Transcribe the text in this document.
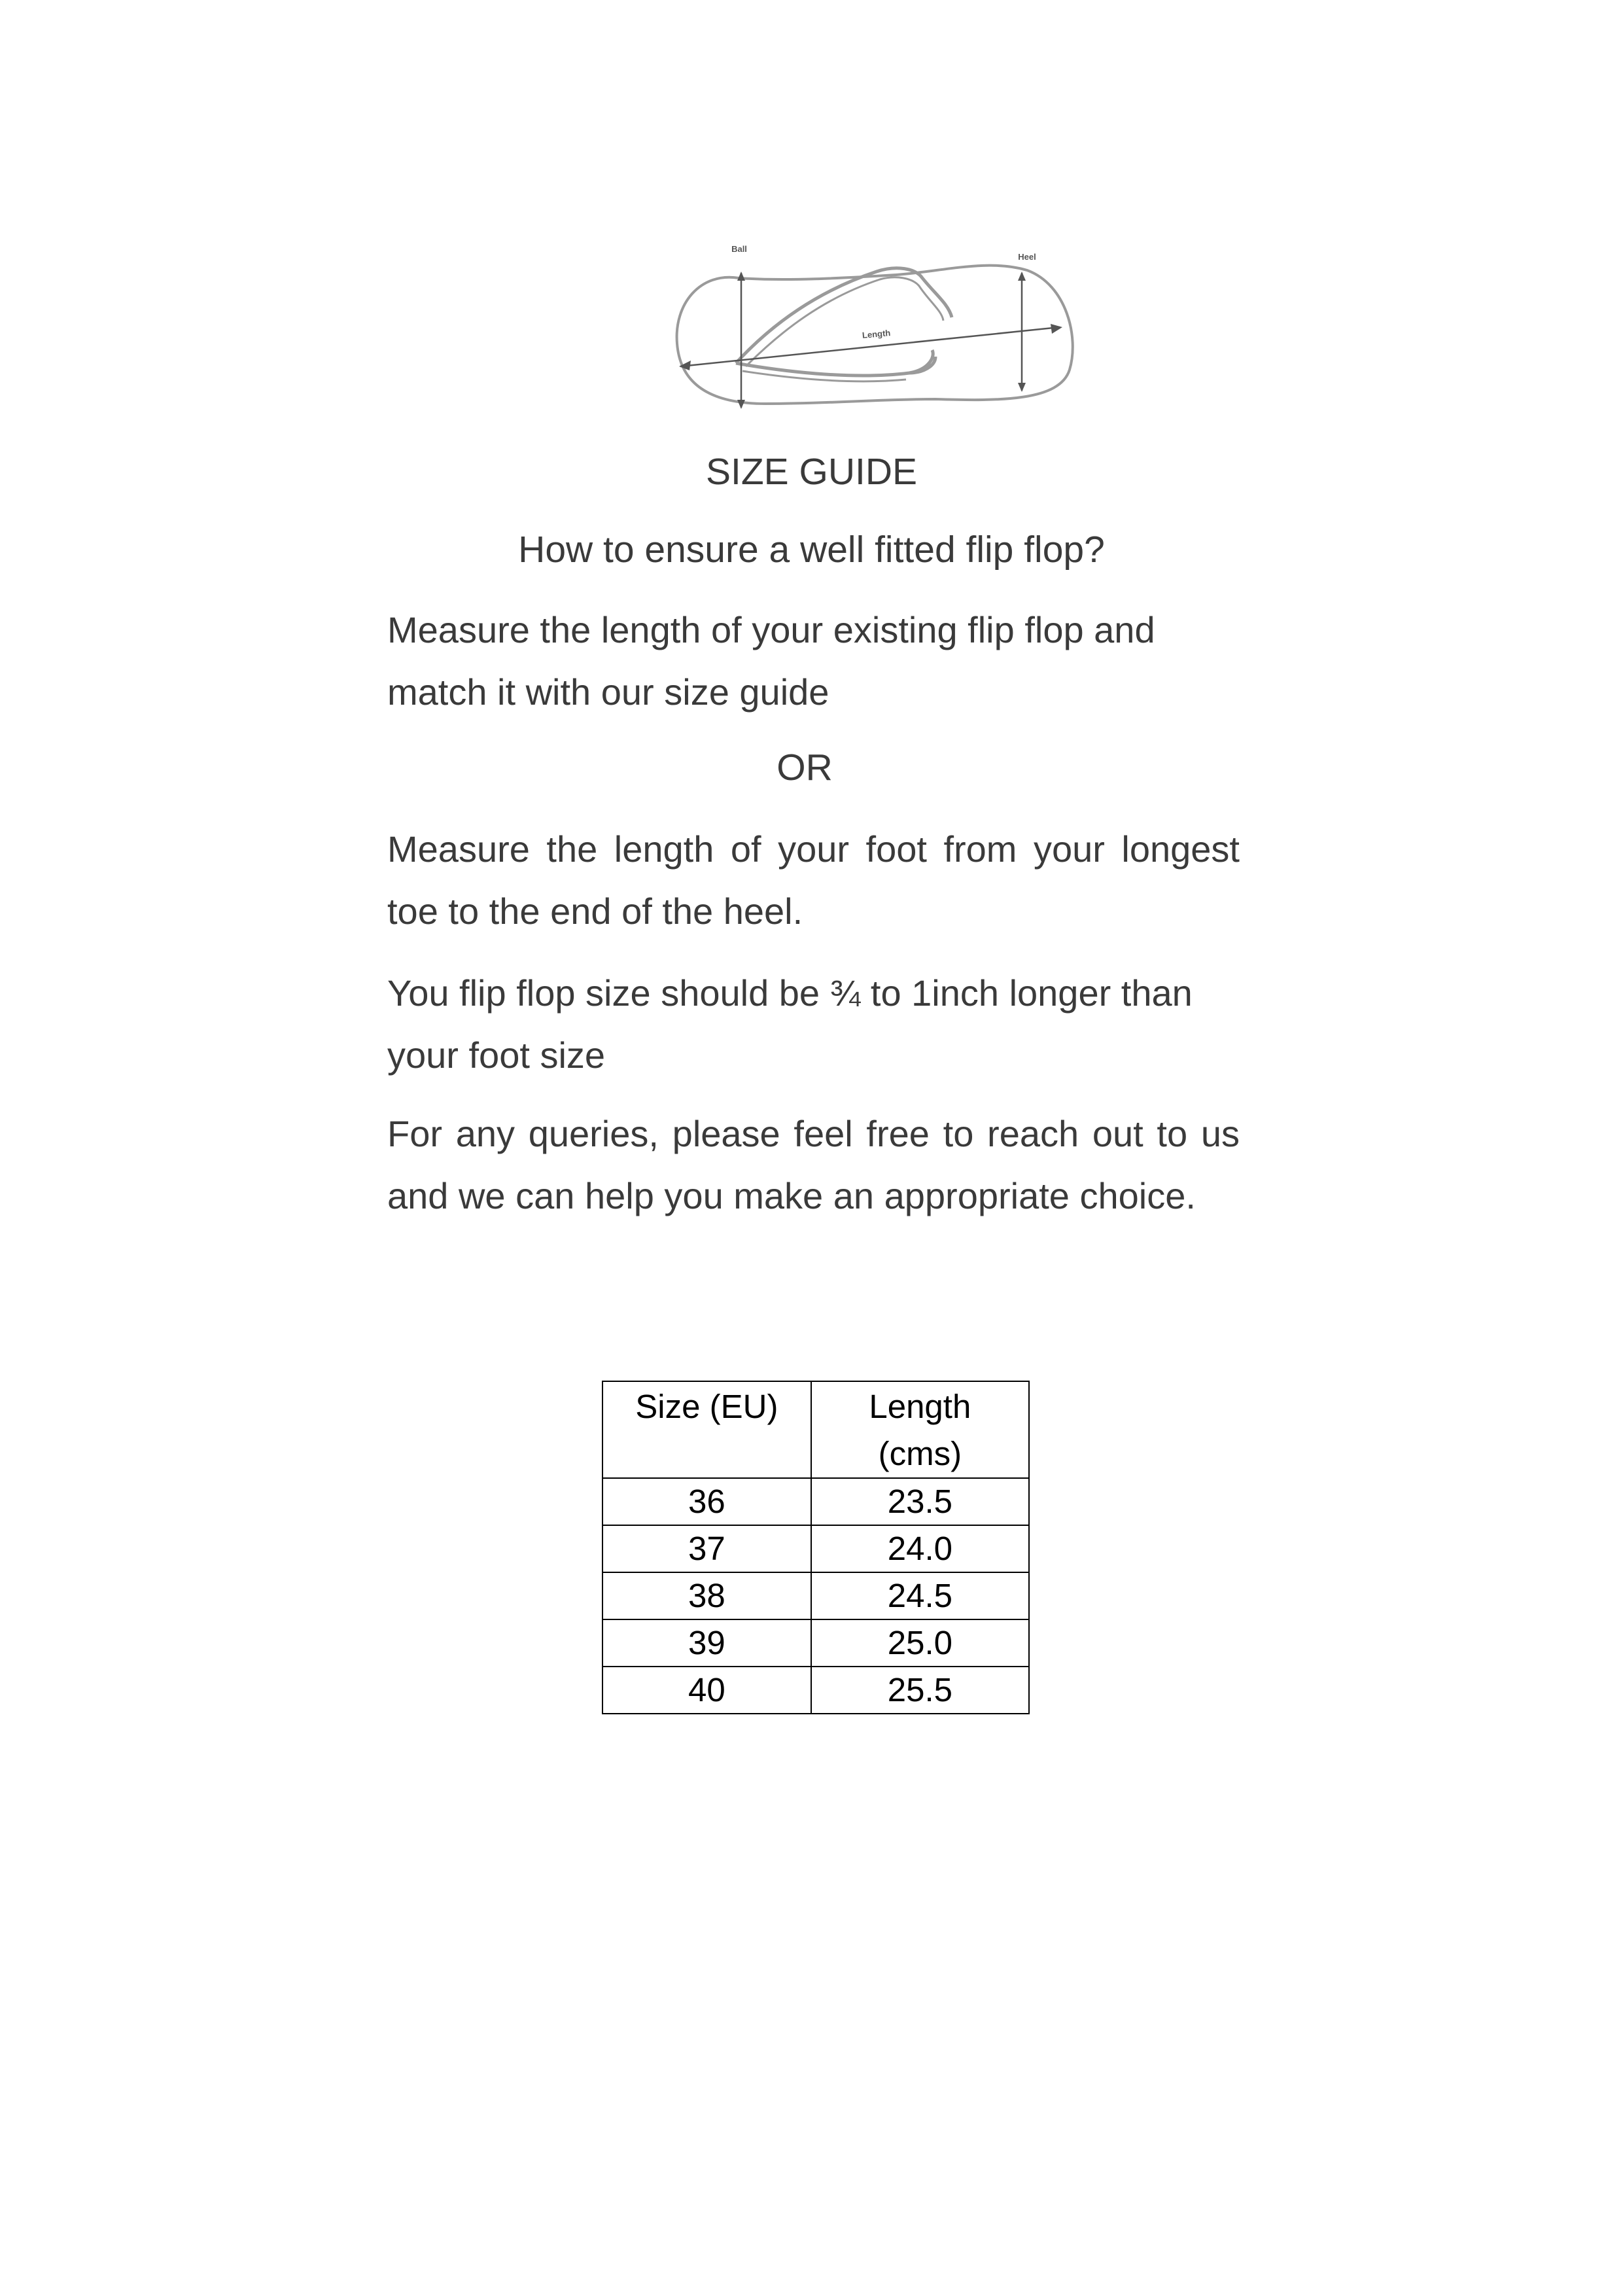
Ball
Heel
Length
SIZE GUIDE
How to ensure a well fitted flip flop?

Measure the length of your existing flip flop and match it with our size guide

OR

Measure the length of your foot from your longest toe to the end of the heel.

You flip flop size should be ¾ to 1inch longer than your foot size

For any queries, please feel free to reach out to us and we can help you make an appropriate choice.

Size (EU)	Length
(cms)

36	23.5
37	24.0
38	24.5
39	25.0
40	25.5
